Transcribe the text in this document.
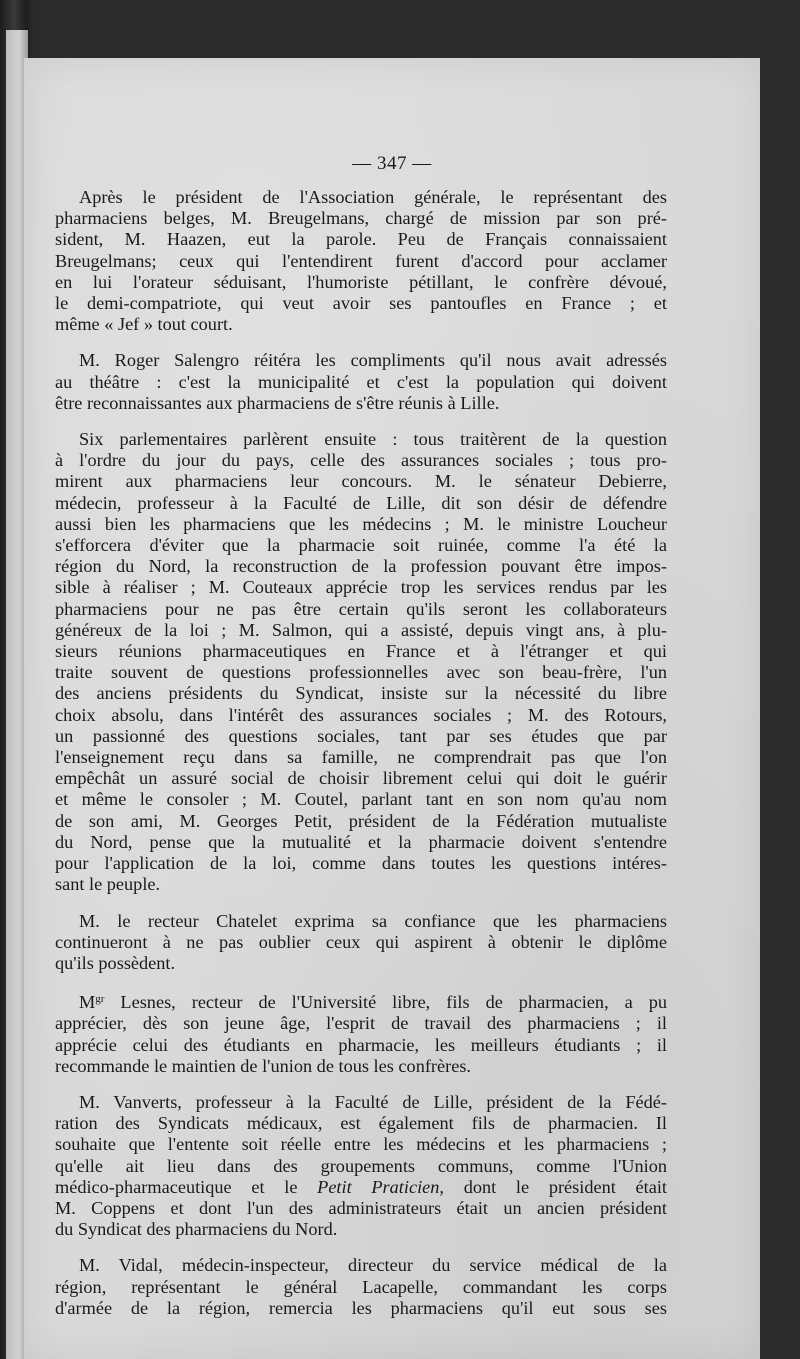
— 347 —
Après le président de l'Association générale, le représentant des
pharmaciens belges, M. Breugelmans, chargé de mission par son pré-
sident, M. Haazen, eut la parole. Peu de Français connaissaient
Breugelmans; ceux qui l'entendirent furent d'accord pour acclamer
en lui l'orateur séduisant, l'humoriste pétillant, le confrère dévoué,
le demi-compatriote, qui veut avoir ses pantoufles en France ; et
même « Jef » tout court.
M. Roger Salengro réitéra les compliments qu'il nous avait adressés
au théâtre : c'est la municipalité et c'est la population qui doivent
être reconnaissantes aux pharmaciens de s'être réunis à Lille.
Six parlementaires parlèrent ensuite : tous traitèrent de la question
à l'ordre du jour du pays, celle des assurances sociales ; tous pro-
mirent aux pharmaciens leur concours. M. le sénateur Debierre,
médecin, professeur à la Faculté de Lille, dit son désir de défendre
aussi bien les pharmaciens que les médecins ; M. le ministre Loucheur
s'efforcera d'éviter que la pharmacie soit ruinée, comme l'a été la
région du Nord, la reconstruction de la profession pouvant être impos-
sible à réaliser ; M. Couteaux apprécie trop les services rendus par les
pharmaciens pour ne pas être certain qu'ils seront les collaborateurs
généreux de la loi ; M. Salmon, qui a assisté, depuis vingt ans, à plu-
sieurs réunions pharmaceutiques en France et à l'étranger et qui
traite souvent de questions professionnelles avec son beau-frère, l'un
des anciens présidents du Syndicat, insiste sur la nécessité du libre
choix absolu, dans l'intérêt des assurances sociales ; M. des Rotours,
un passionné des questions sociales, tant par ses études que par
l'enseignement reçu dans sa famille, ne comprendrait pas que l'on
empêchât un assuré social de choisir librement celui qui doit le guérir
et même le consoler ; M. Coutel, parlant tant en son nom qu'au nom
de son ami, M. Georges Petit, président de la Fédération mutualiste
du Nord, pense que la mutualité et la pharmacie doivent s'entendre
pour l'application de la loi, comme dans toutes les questions intéres-
sant le peuple.
M. le recteur Chatelet exprima sa confiance que les pharmaciens
continueront à ne pas oublier ceux qui aspirent à obtenir le diplôme
qu'ils possèdent.
$M^{gr}$ Lesnes, recteur de l'Université libre, fils de pharmacien, a pu
apprécier, dès son jeune âge, l'esprit de travail des pharmaciens ; il
apprécie celui des étudiants en pharmacie, les meilleurs étudiants ; il
recommande le maintien de l'union de tous les confrères.
M. Vanverts, professeur à la Faculté de Lille, président de la Fédé-
ration des Syndicats médicaux, est également fils de pharmacien. Il
souhaite que l'entente soit réelle entre les médecins et les pharmaciens ;
qu'elle ait lieu dans des groupements communs, comme l'Union
médico-pharmaceutique et le Petit Praticien, dont le président était
M. Coppens et dont l'un des administrateurs était un ancien président
du Syndicat des pharmaciens du Nord.
M. Vidal, médecin-inspecteur, directeur du service médical de la
région, représentant le général Lacapelle, commandant les corps
d'armée de la région, remercia les pharmaciens qu'il eut sous ses
